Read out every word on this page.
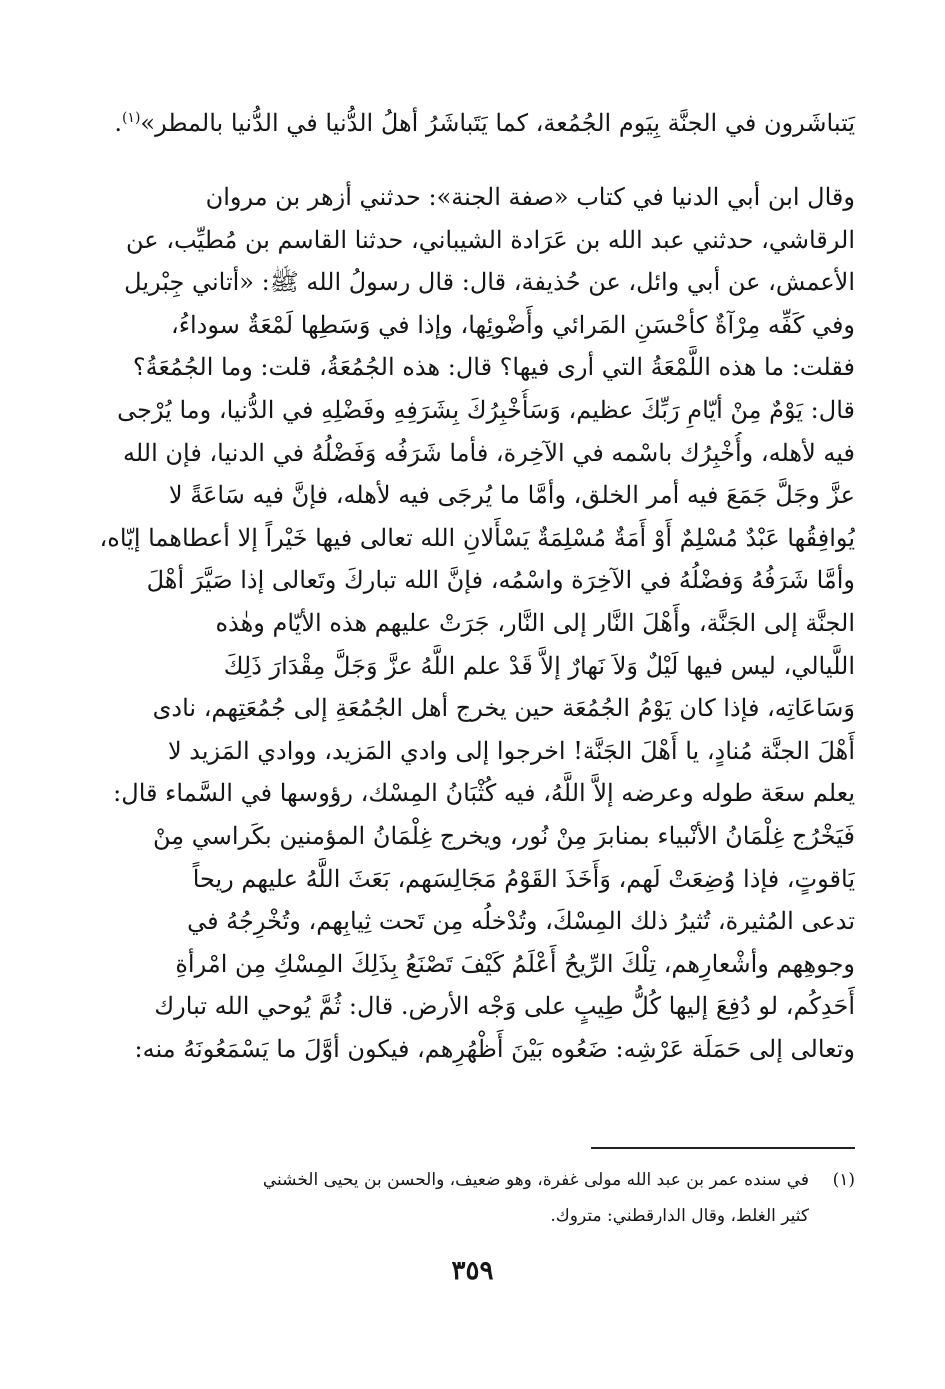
يَتباشَرون في الجنَّة بِيَوم الجُمُعة، كما يَتَباشَرُ أهلُ الدُّنيا في الدُّنيا بالمطر»$^{(١)}$.
وقال ابن أبي الدنيا في كتاب «صفة الجنة»: حدثني أزهر بن مروان
الرقاشي، حدثني عبد الله بن عَرَادة الشيباني، حدثنا القاسم بن مُطيِّب، عن
الأعمش، عن أبي وائل، عن حُذيفة، قال: قال رسولُ الله ﷺ: «أتاني جِبْريل
وفي كَفِّه مِرْآةٌ كأحْسَنِ المَرائي وأَضْوئِها، وإذا في وَسَطِها لَمْعَةٌ سوداءُ،
فقلت: ما هذه اللَّمْعَةُ التي أرى فيها؟ قال: هذه الجُمُعَةُ، قلت: وما الجُمُعَةُ؟
قال: يَوْمٌ مِنْ أيّامِ رَبِّكَ عظيم، وَسَأُخْبِرُكَ بِشَرَفِهِ وفَضْلِهِ في الدُّنيا، وما يُرْجى
فيه لأهله، وأُخْبِرُك باسْمه في الآخِرة، فأما شَرَفُه وَفَضْلُهُ في الدنيا، فإن الله
عزَّ وجَلَّ جَمَعَ فيه أمر الخلق، وأمَّا ما يُرجَى فيه لأهله، فإنَّ فيه سَاعَةً لا
يُوافِقُها عَبْدٌ مُسْلِمٌ أَوْ أَمَةٌ مُسْلِمَةٌ يَسْأَلانِ الله تعالى فيها خَيْراً إلا أعطاهما إيّاه،
وأمَّا شَرَفُهُ وَفضْلُهُ في الآخِرَة واسْمُه، فإنَّ الله تباركَ وتَعالى إذا صَيَّرَ أهْلَ
الجنَّة إلى الجَنَّة، وأَهْلَ النَّار إلى النَّار، جَرَتْ عليهم هذه الأيّام وهٰذه
اللَّيالي، ليس فيها لَيْلٌ وَلاَ نَهارٌ إلاَّ قَدْ علم اللَّهُ عزَّ وَجَلَّ مِقْدَارَ ذَلِكَ
وَسَاعَاتِه، فإذا كان يَوْمُ الجُمُعَة حين يخرج أهل الجُمُعَةِ إلى جُمُعَتِهم، نادى
أَهْلَ الجنَّة مُنادٍ، يا أَهْلَ الجَنَّة! اخرجوا إلى وادي المَزيد، ووادي المَزيد لا
يعلم سعَة طوله وعرضه إلاَّ اللَّهُ، فيه كُثْبَانُ المِسْك، رؤوسها في السَّماء قال:
فَيَخْرُج غِلْمَانُ الأنْبياء بمنابرَ مِنْ نُور، ويخرج غِلْمَانُ المؤمنين بكَراسي مِنْ
يَاقوتٍ، فإذا وُضِعَتْ لَهم، وَأَخَذَ القَوْمُ مَجَالِسَهم، بَعَثَ اللَّهُ عليهم ريحاً
تدعى المُثيرة، تُثيرُ ذلك المِسْكَ، وتُدْخلُه مِن تَحت ثِيابِهم، وتُخْرِجُهُ في
وجوهِهم وأشْعارِهم، تِلْكَ الرِّيحُ أَعْلَمُ كَيْفَ تَصْنَعُ بِذَلِكَ المِسْكِ مِن امْرأةِ
أَحَدِكُم، لو دُفِعَ إليها كُلُّ طِيبٍ على وَجْه الأرض. قال: ثُمَّ يُوحي الله تبارك
وتعالى إلى حَمَلَة عَرْشِه: ضَعُوه بَيْنَ أَظْهُرِهم، فيكون أوَّلَ ما يَسْمَعُونَهُ منه:
(١)
في سنده عمر بن عبد الله مولى غفرة، وهو ضعيف، والحسن بن يحيى الخشني
كثير الغلط، وقال الدارقطني: متروك.
٣٥٩
